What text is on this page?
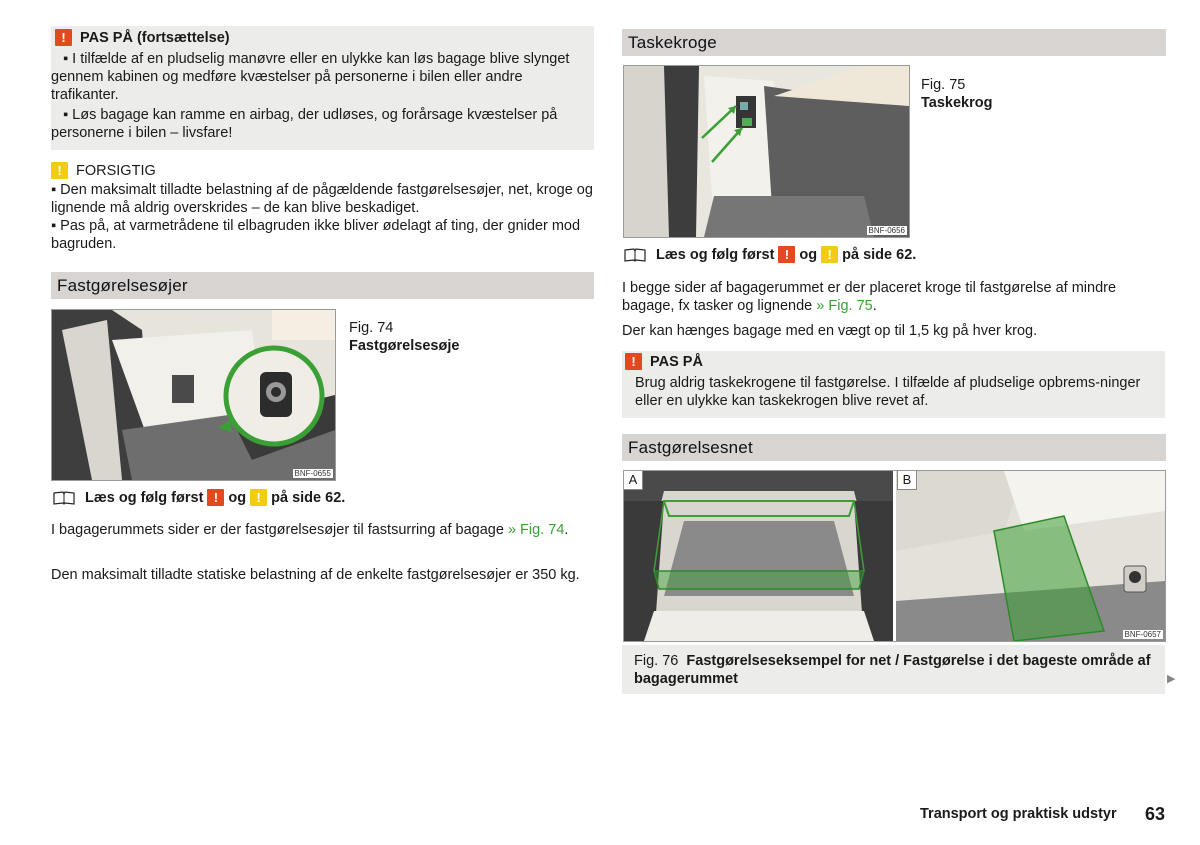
! PAS PÅ (fortsættelse)

▪ I tilfælde af en pludselig manøvre eller en ulykke kan løs bagage blive slynget gennem kabinen og medføre kvæstelser på personerne i bilen eller andre trafikanter.

▪ Løs bagage kan ramme en airbag, der udløses, og forårsage kvæstelser på personerne i bilen – livsfare!

! FORSIGTIG

▪ Den maksimalt tilladte belastning af de pågældende fastgørelsesøjer, net, kroge og lignende må aldrig overskrides – de kan blive beskadiget.

▪ Pas på, at varmetrådene til elbagruden ikke bliver ødelagt af ting, der gnider mod bagruden.

Fastgørelsesøjer
BNF-0655
Fig. 74
Fastgørelsesøje
Læs og følg først ! og ! på side 62.

I bagagerummets sider er der fastgørelsesøjer til fastsurring af bagage » Fig. 74.

Den maksimalt tilladte statiske belastning af de enkelte fastgørelsesøjer er 350 kg.

Taskekroge
BNF-0656
Fig. 75
Taskekrog
Læs og følg først ! og ! på side 62.

I begge sider af bagagerummet er der placeret kroge til fastgørelse af mindre bagage, fx tasker og lignende » Fig. 75.

Der kan hænges bagage med en vægt op til 1,5 kg på hver krog.

! PAS PÅ

Brug aldrig taskekrogene til fastgørelse. I tilfælde af pludselige opbrems-ninger eller en ulykke kan taskekrogen blive revet af.

Fastgørelsesnet
A	B
BNF-0657

Fig. 76 Fastgørelseseksempel for net / Fastgørelse i det bageste område af bagagerummet	▶
Transport og praktisk udstyr 63
